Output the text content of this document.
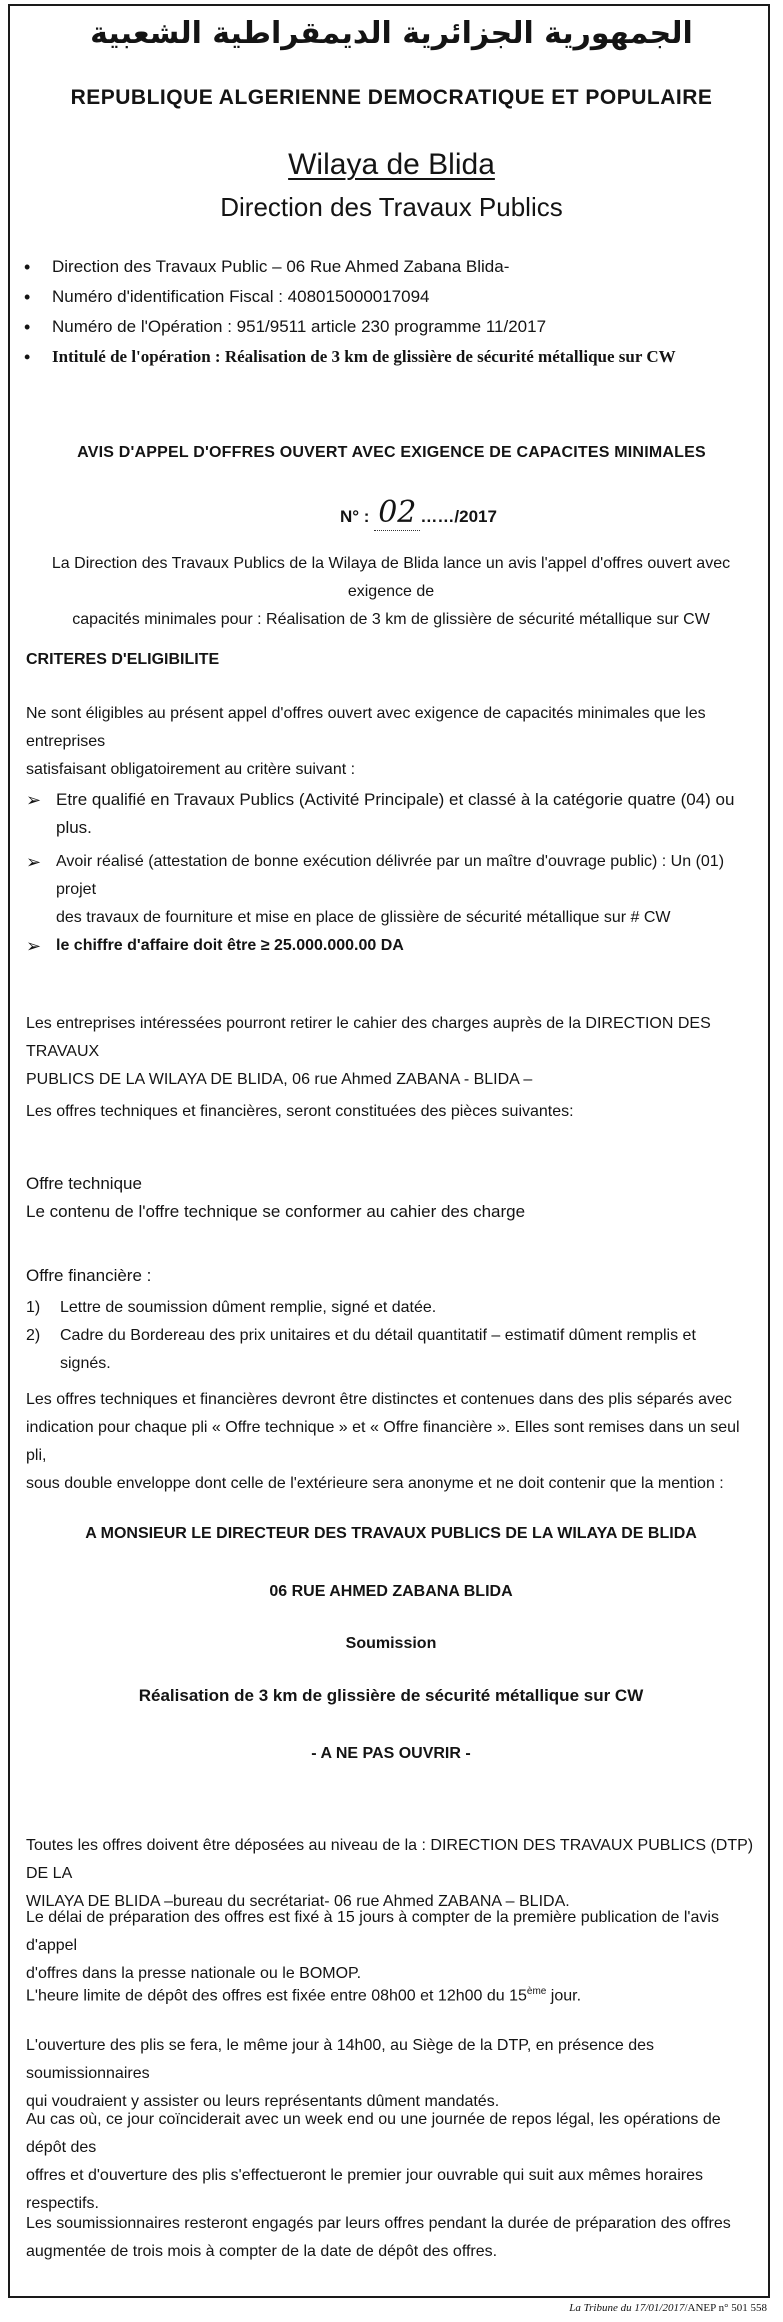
الجمهورية الجزائرية الديمقراطية الشعبية
REPUBLIQUE ALGERIENNE DEMOCRATIQUE ET POPULAIRE
Wilaya de Blida
Direction des Travaux Publics
•	Direction des Travaux Public – 06 Rue Ahmed Zabana Blida-
•	Numéro d'identification Fiscal : 408015000017094
•	Numéro de l'Opération : 951/9511 article 230 programme 11/2017
•	Intitulé de l'opération : Réalisation de 3 km de glissière de sécurité métallique sur CW
AVIS D'APPEL D'OFFRES OUVERT AVEC EXIGENCE DE CAPACITES MINIMALES
N° : 02 ……/2017
La Direction des Travaux Publics de la Wilaya de Blida lance un avis l'appel d'offres ouvert avec exigence de
capacités minimales pour : Réalisation de 3 km de glissière de sécurité métallique sur CW
CRITERES D'ELIGIBILITE
Ne sont éligibles au présent appel d'offres ouvert avec exigence de capacités minimales que les entreprises
satisfaisant obligatoirement au critère suivant :
➢ Etre qualifié en Travaux Publics (Activité Principale) et classé à la catégorie quatre (04) ou
plus.
➢ Avoir réalisé (attestation de bonne exécution délivrée par un maître d'ouvrage public) : Un (01) projet
des travaux de fourniture et mise en place de glissière de sécurité métallique sur # CW
➢ le chiffre d'affaire doit être ≥ 25.000.000.00 DA
Les entreprises intéressées pourront retirer le cahier des charges auprès de la DIRECTION DES TRAVAUX
PUBLICS DE LA WILAYA DE BLIDA, 06 rue Ahmed ZABANA - BLIDA –
Les offres techniques et financières, seront constituées des pièces suivantes:
Offre technique
Le contenu de l'offre technique se conformer au cahier des charge
Offre financière :
1)	Lettre de soumission dûment remplie, signé et datée.
2)	Cadre du Bordereau des prix unitaires et du détail quantitatif – estimatif dûment remplis et
signés.
Les offres techniques et financières devront être distinctes et contenues dans des plis séparés avec
indication pour chaque pli « Offre technique » et « Offre financière ». Elles sont remises dans un seul pli,
sous double enveloppe dont celle de l'extérieure sera anonyme et ne doit contenir que la mention :
A MONSIEUR LE DIRECTEUR DES TRAVAUX PUBLICS DE LA WILAYA DE BLIDA
06 RUE AHMED ZABANA BLIDA
Soumission
Réalisation de 3 km de glissière de sécurité métallique sur CW
- A NE PAS OUVRIR -
Toutes les offres doivent être déposées au niveau de la : DIRECTION DES TRAVAUX PUBLICS (DTP) DE LA
WILAYA DE BLIDA –bureau du secrétariat- 06 rue Ahmed ZABANA – BLIDA.
Le délai de préparation des offres est fixé à 15 jours à compter de la première publication de l'avis d'appel
d'offres dans la presse nationale ou le BOMOP.
L'heure limite de dépôt des offres est fixée entre 08h00 et 12h00 du 15ème jour.
L'ouverture des plis se fera, le même jour à 14h00, au Siège de la DTP, en présence des soumissionnaires
qui voudraient y assister ou leurs représentants dûment mandatés.
Au cas où, ce jour coïnciderait avec un week end ou une journée de repos légal, les opérations de dépôt des
offres et d'ouverture des plis s'effectueront le premier jour ouvrable qui suit aux mêmes horaires
respectifs.
Les soumissionnaires resteront engagés par leurs offres pendant la durée de préparation des offres
augmentée de trois mois à compter de la date de dépôt des offres.
La Tribune du 17/01/2017/ANEP n° 501 558
